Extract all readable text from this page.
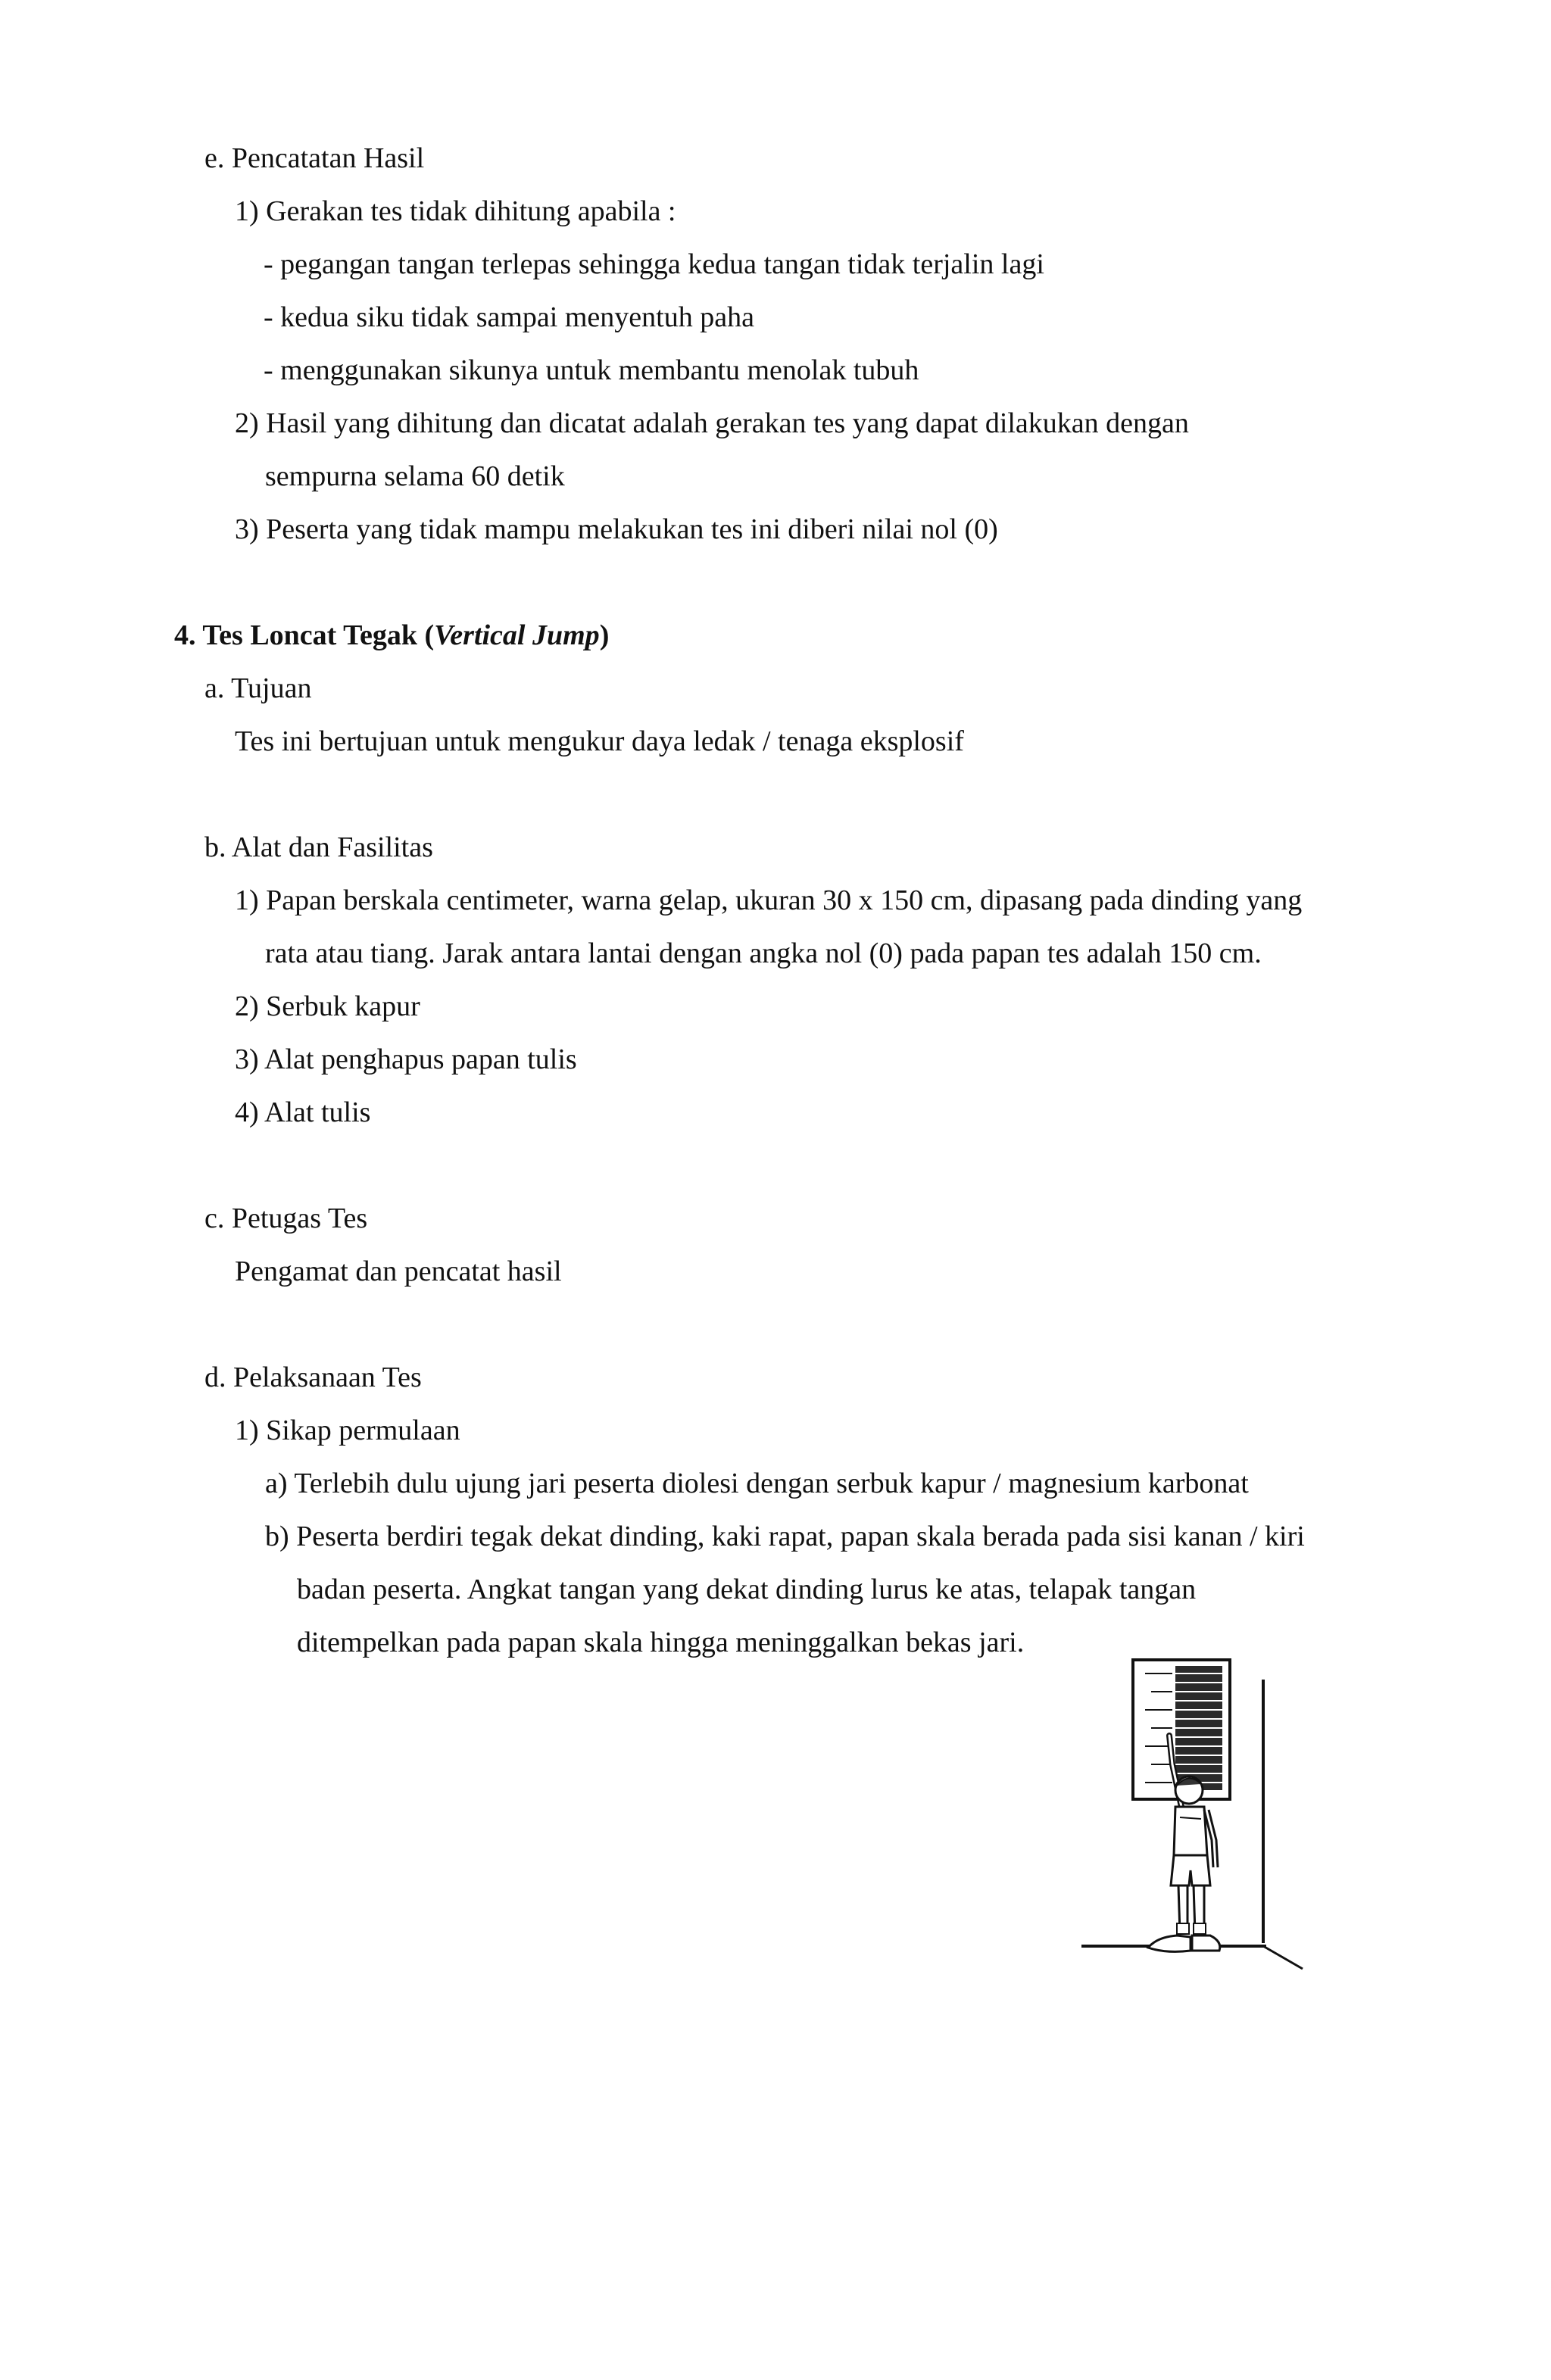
e. Pencatatan Hasil
1) Gerakan tes tidak dihitung apabila :
- pegangan tangan terlepas sehingga kedua tangan tidak terjalin lagi
- kedua siku tidak sampai menyentuh paha
- menggunakan sikunya untuk membantu menolak tubuh
2) Hasil yang dihitung dan dicatat adalah gerakan tes yang dapat dilakukan dengan
sempurna selama 60 detik
3) Peserta yang tidak mampu melakukan tes ini diberi nilai nol (0)
4. Tes Loncat Tegak (Vertical Jump)
a. Tujuan
Tes ini bertujuan untuk mengukur daya ledak / tenaga eksplosif
b. Alat dan Fasilitas
1) Papan berskala centimeter, warna gelap, ukuran 30 x 150 cm, dipasang pada dinding yang
rata atau tiang. Jarak antara lantai dengan angka nol (0) pada papan tes adalah 150 cm.
2) Serbuk kapur
3) Alat penghapus papan tulis
4) Alat tulis
c. Petugas Tes
Pengamat dan pencatat hasil
d. Pelaksanaan Tes
1) Sikap permulaan
a) Terlebih dulu ujung jari peserta diolesi dengan serbuk kapur / magnesium karbonat
b) Peserta berdiri tegak dekat dinding, kaki rapat, papan skala berada pada sisi kanan / kiri
badan peserta. Angkat tangan yang dekat dinding lurus ke atas, telapak tangan
ditempelkan pada papan skala hingga meninggalkan bekas jari.
